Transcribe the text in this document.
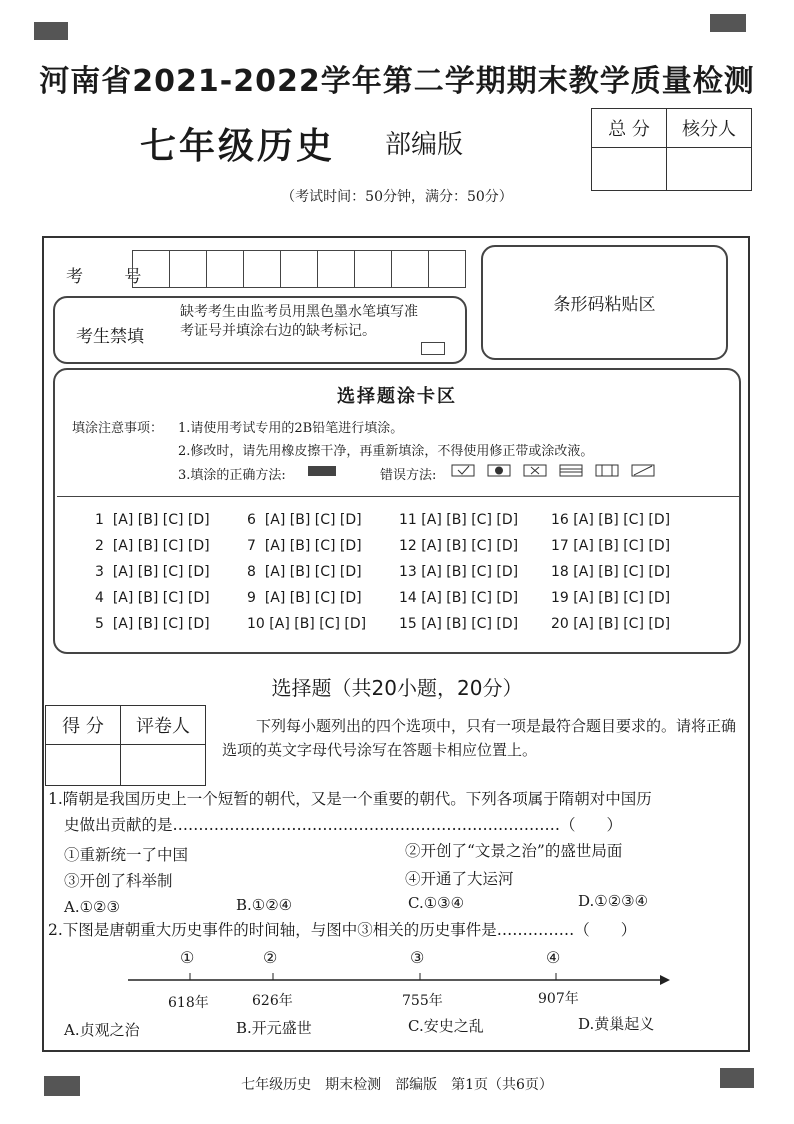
河南省2021-2022学年第二学期期末教学质量检测
七年级历史 部编版
（考试时间：50分钟，满分：50分）
总 分	核分人

考 号
考生禁填
缺考考生由监考员用黑色墨水笔填写准考证号并填涂右边的缺考标记。
条形码粘贴区
选择题涂卡区
填涂注意事项： 1.请使用考试专用的2B铅笔进行填涂。
2.修改时，请先用橡皮擦干净，再重新填涂，不得使用修正带或涂改液。
3.填涂的正确方法:	错误方法:
1 [A] [B] [C] [D]	6 [A] [B] [C] [D]	11 [A] [B] [C] [D]	16 [A] [B] [C] [D]
2 [A] [B] [C] [D]	7 [A] [B] [C] [D]	12 [A] [B] [C] [D]	17 [A] [B] [C] [D]
3 [A] [B] [C] [D]	8 [A] [B] [C] [D]	13 [A] [B] [C] [D]	18 [A] [B] [C] [D]
4 [A] [B] [C] [D]	9 [A] [B] [C] [D]	14 [A] [B] [C] [D]	19 [A] [B] [C] [D]
5 [A] [B] [C] [D]	10 [A] [B] [C] [D]	15 [A] [B] [C] [D]	20 [A] [B] [C] [D]
选择题（共20小题，20分）
得 分	评卷人
		下列每小题列出的四个选项中，只有一项是最符合题目要求的。请将正确选项的英文字母代号涂写在答题卡相应位置上。
1.隋朝是我国历史上一个短暂的朝代，又是一个重要的朝代。下列各项属于隋朝对中国历
史做出贡献的是…………………………………………………………………（　　）
①重新统一了中国	②开创了“文景之治”的盛世局面
③开创了科举制	④开通了大运河
A.①②③	B.①②④	C.①③④	D.①②③④
2.下图是唐朝重大历史事件的时间轴，与图中③相关的历史事件是……………（　　）
①	②	③	④
618年	626年	755年	907年
A.贞观之治	B.开元盛世	C.安史之乱	D.黄巢起义
七年级历史　期末检测　部编版　第1页（共6页）
